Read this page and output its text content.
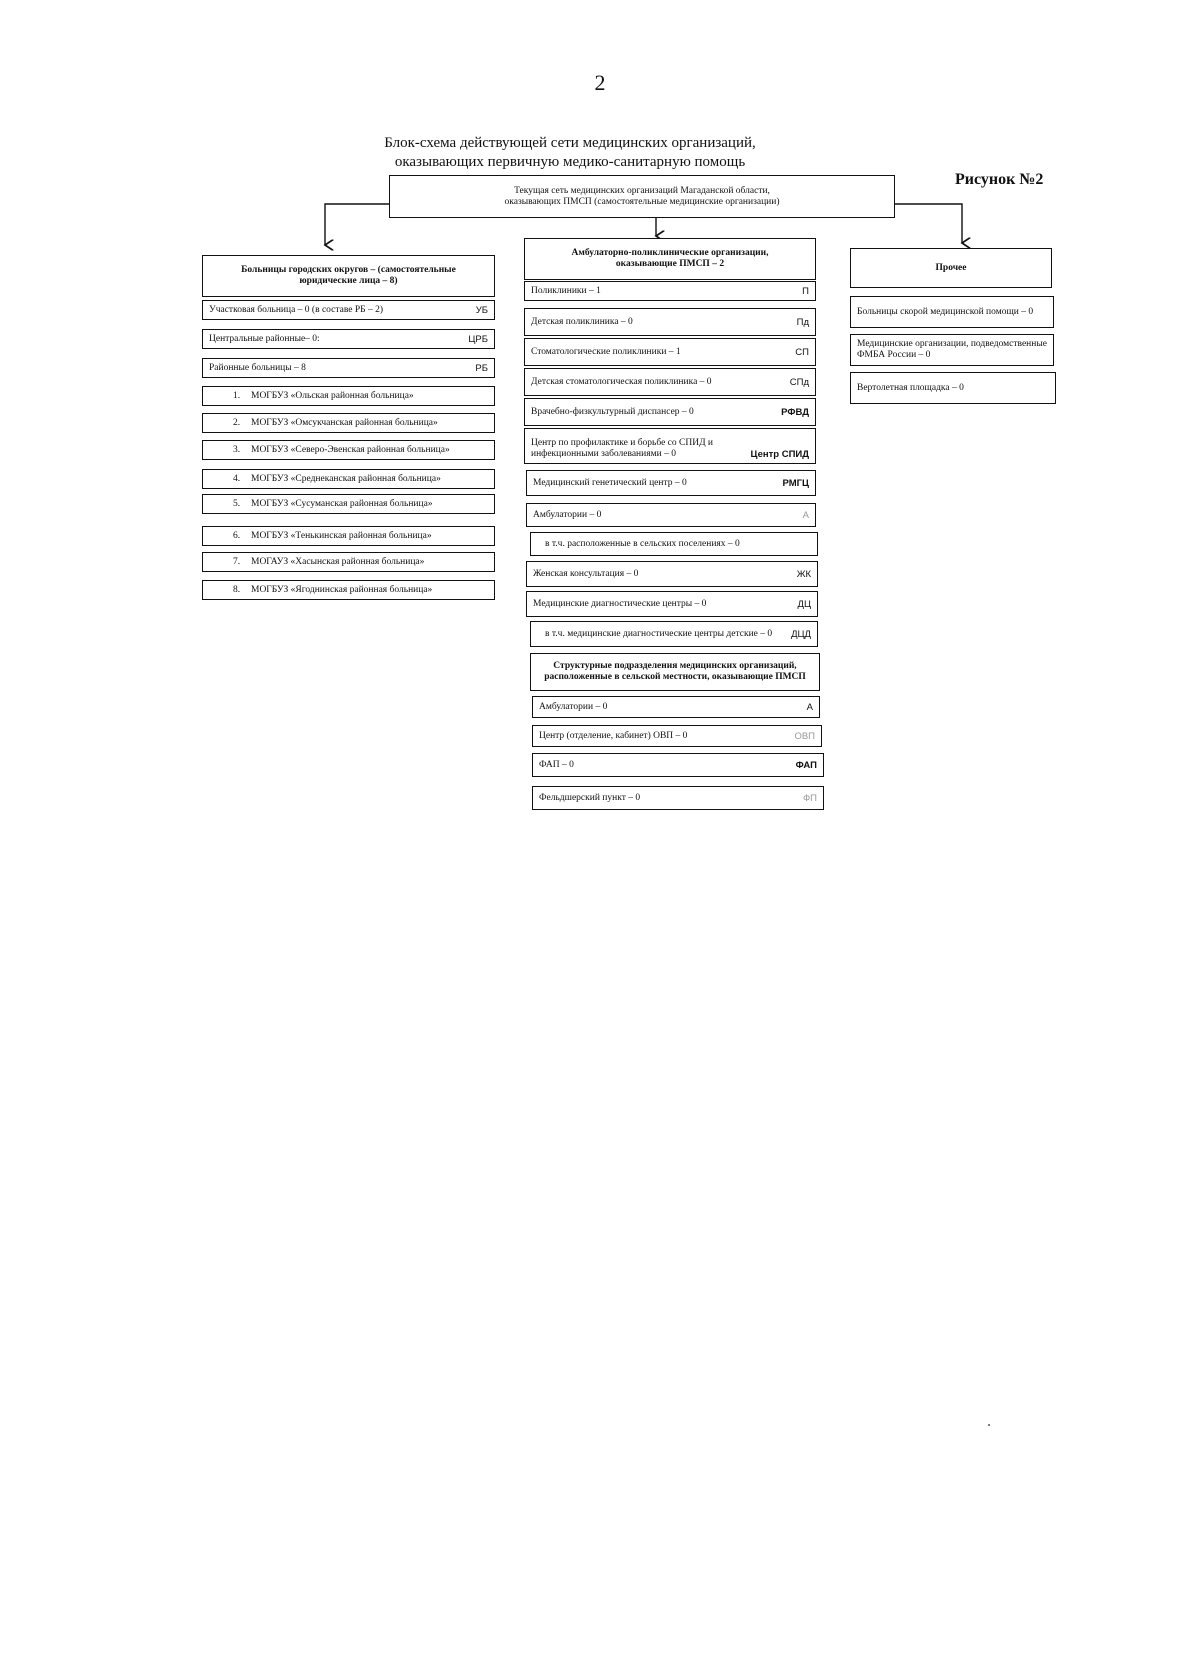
2
Блок-схема действующей сети медицинских организаций,
оказывающих первичную медико-санитарную помощь
Рисунок №2
Текущая сеть медицинских организаций Магаданской области,
оказывающих ПМСП (самостоятельные медицинские организации)
Больницы городских округов – (самостоятельные
юридические лица – 8)
Участковая больница – 0 (в составе РБ – 2)	УБ
Центральные районные– 0:	ЦРБ
Районные больницы – 8	РБ
1.	МОГБУЗ «Ольская районная больница»
2.	МОГБУЗ «Омсукчанская районная больница»
3.	МОГБУЗ «Северо-Эвенская районная больница»
4.	МОГБУЗ «Среднеканская районная больница»
5.	МОГБУЗ «Сусуманская районная больница»
6.	МОГБУЗ «Тенькинская районная больница»
7.	МОГАУЗ «Хасынская районная больница»
8.	МОГБУЗ «Ягоднинская районная больница»
Амбулаторно-поликлинические организации,
оказывающие ПМСП – 2
Поликлиники – 1	П
Детская поликлиника – 0	Пд
Стоматологические поликлиники – 1	СП
Детская стоматологическая поликлиника – 0	СПд
Врачебно-физкультурный диспансер – 0	РФВД
Центр по профилактике и борьбе со СПИД и инфекционными заболеваниями – 0	Центр СПИД
Медицинский генетический центр – 0	РМГЦ
Амбулатории – 0	А
в т.ч. расположенные в сельских поселениях – 0
Женская консультация – 0	ЖК
Медицинские диагностические центры – 0	ДЦ
в т.ч. медицинские диагностические центры детские – 0	ДЦД
Структурные подразделения медицинских организаций,
расположенные в сельской местности, оказывающие ПМСП
Амбулатории – 0	А
Центр (отделение, кабинет) ОВП – 0	ОВП
ФАП – 0	ФАП
Фельдшерский пункт – 0	ФП
Прочее
Больницы скорой медицинской помощи – 0
Медицинские организации, подведомственные ФМБА России – 0
Вертолетная площадка – 0
